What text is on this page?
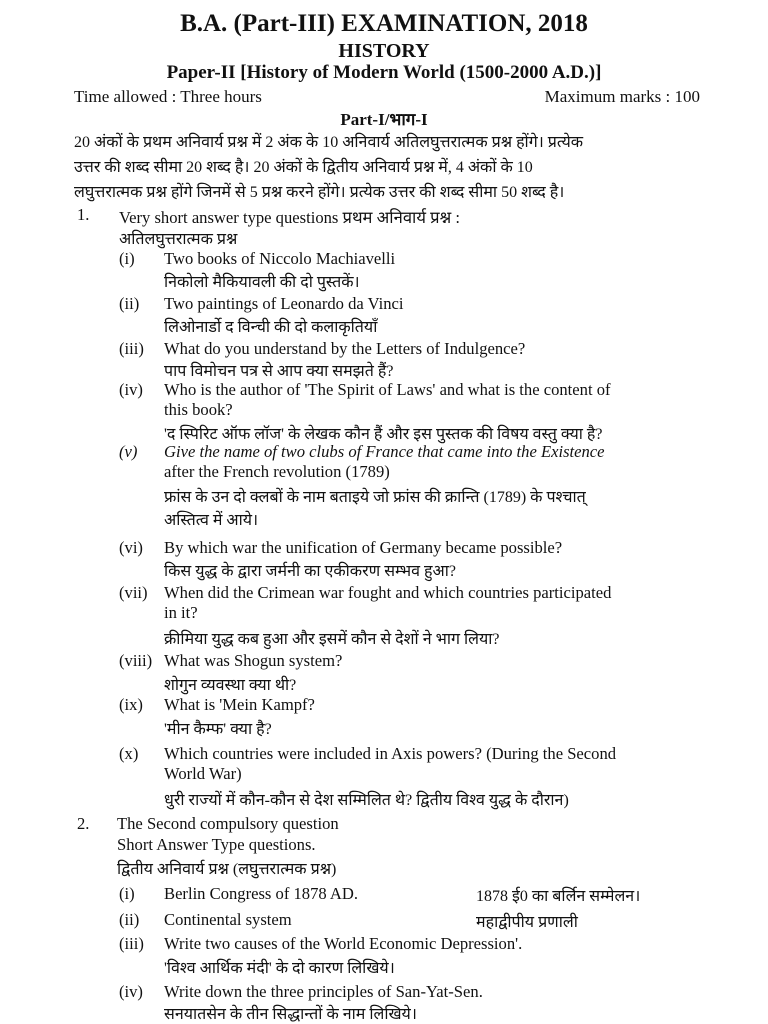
B.A. (Part-III) EXAMINATION, 2018
HISTORY
Paper-II [History of Modern World (1500-2000 A.D.)]
Time allowed : Three hours	Maximum marks : 100
Part-I/भाग-I
20 अंकों के प्रथम अनिवार्य प्रश्न में 2 अंक के 10 अनिवार्य अतिलघुत्तरात्मक प्रश्न होंगे। प्रत्येक
उत्तर की शब्द सीमा 20 शब्द है। 20 अंकों के द्वितीय अनिवार्य प्रश्न में, 4 अंकों के 10
लघुत्तरात्मक प्रश्न होंगे जिनमें से 5 प्रश्न करने होंगे। प्रत्येक उत्तर की शब्द सीमा 50 शब्द है।
1. Very short answer type questions प्रथम अनिवार्य प्रश्न :
अतिलघुत्तरात्मक प्रश्न
(i) Two books of Niccolo Machiavelli
निकोलो मैकियावली की दो पुस्तकें।
(ii) Two paintings of Leonardo da Vinci
लिओनार्डो द विन्ची की दो कलाकृतियाँ
(iii) What do you understand by the Letters of Indulgence?
पाप विमोचन पत्र से आप क्या समझते हैं?
(iv) Who is the author of 'The Spirit of Laws' and what is the content of
this book?
'द स्पिरिट ऑफ लॉज' के लेखक कौन हैं और इस पुस्तक की विषय वस्तु क्या है?
(v) Give the name of two clubs of France that came into the Existence
after the French revolution (1789)
फ्रांस के उन दो क्लबों के नाम बताइये जो फ्रांस की क्रान्ति (1789) के पश्चात्
अस्तित्व में आये।
(vi) By which war the unification of Germany became possible?
किस युद्ध के द्वारा जर्मनी का एकीकरण सम्भव हुआ?
(vii) When did the Crimean war fought and which countries participated
in it?
क्रीमिया युद्ध कब हुआ और इसमें कौन से देशों ने भाग लिया?
(viii) What was Shogun system?
शोगुन व्यवस्था क्या थी?
(ix) What is 'Mein Kampf?
'मीन कैम्फ' क्या है?
(x) Which countries were included in Axis powers? (During the Second
World War)
धुरी राज्यों में कौन-कौन से देश सम्मिलित थे? द्वितीय विश्व युद्ध के दौरान)
2. The Second compulsory question
Short Answer Type questions.
द्वितीय अनिवार्य प्रश्न (लघुत्तरात्मक प्रश्न)
(i) Berlin Congress of 1878 AD.	1878 ई0 का बर्लिन सम्मेलन।
(ii) Continental system	महाद्वीपीय प्रणाली
(iii) Write two causes of the World Economic Depression'.
'विश्व आर्थिक मंदी' के दो कारण लिखिये।
(iv) Write down the three principles of San-Yat-Sen.
सनयातसेन के तीन सिद्धान्तों के नाम लिखिये।
